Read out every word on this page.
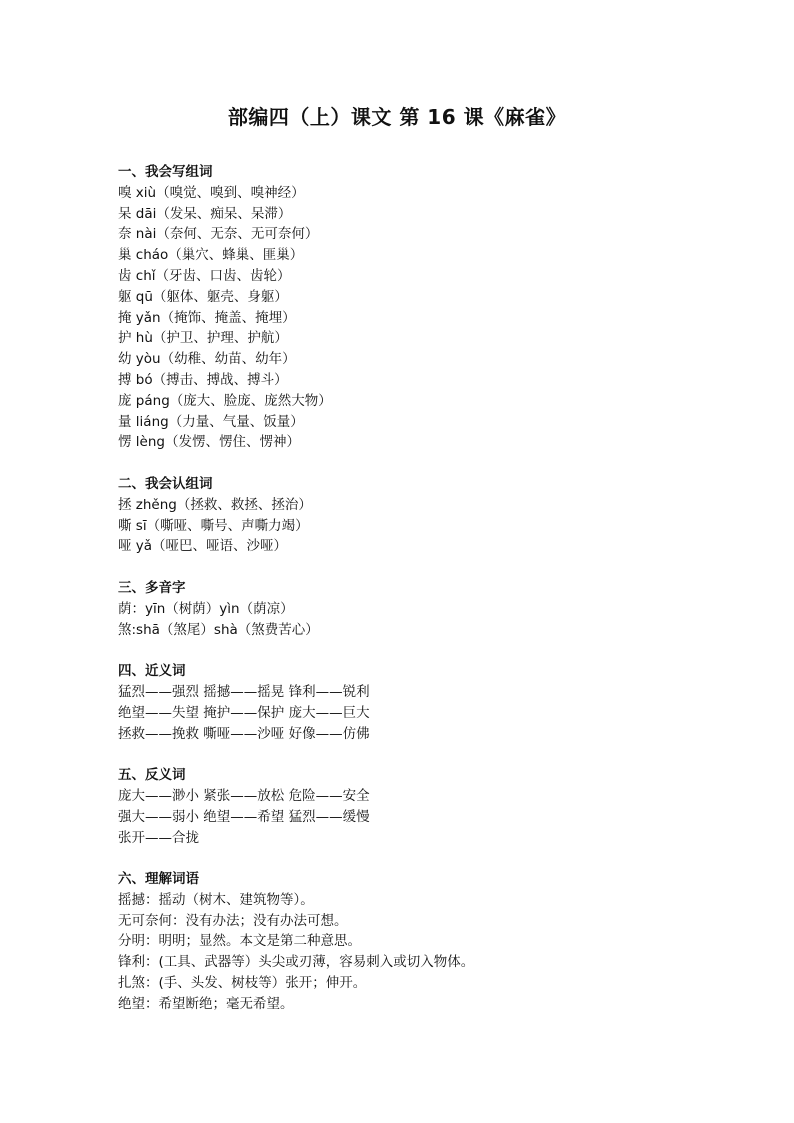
部编四（上）课文 第 16 课《麻雀》

一、我会写组词

嗅 xiù（嗅觉、嗅到、嗅神经）

呆 dāi（发呆、痴呆、呆滞）

奈 nài（奈何、无奈、无可奈何）

巢 cháo（巢穴、蜂巢、匪巢）

齿 chǐ（牙齿、口齿、齿轮）

躯 qū（躯体、躯壳、身躯）

掩 yǎn（掩饰、掩盖、掩埋）

护 hù（护卫、护理、护航）

幼 yòu（幼稚、幼苗、幼年）

搏 bó（搏击、搏战、搏斗）

庞 páng（庞大、脸庞、庞然大物）

量 liáng（力量、气量、饭量）

愣 lèng（发愣、愣住、愣神）

二、我会认组词

拯 zhěng（拯救、救拯、拯治）

嘶 sī（嘶哑、嘶号、声嘶力竭）

哑 yǎ（哑巴、哑语、沙哑）

三、多音字

荫：yīn（树荫）yìn（荫凉）

煞:shā（煞尾）shà（煞费苦心）

四、近义词

猛烈——强烈 摇撼——摇晃 锋利——锐利

绝望——失望 掩护——保护 庞大——巨大

拯救——挽救 嘶哑——沙哑 好像——仿佛

五、反义词

庞大——渺小 紧张——放松 危险——安全

强大——弱小 绝望——希望 猛烈——缓慢

张开——合拢

六、理解词语

摇撼：摇动（树木、建筑物等）。

无可奈何：没有办法；没有办法可想。

分明：明明；显然。本文是第二种意思。

锋利：(工具、武器等）头尖或刃薄，容易刺入或切入物体。

扎煞：(手、头发、树枝等）张开；伸开。

绝望：希望断绝；毫无希望。
